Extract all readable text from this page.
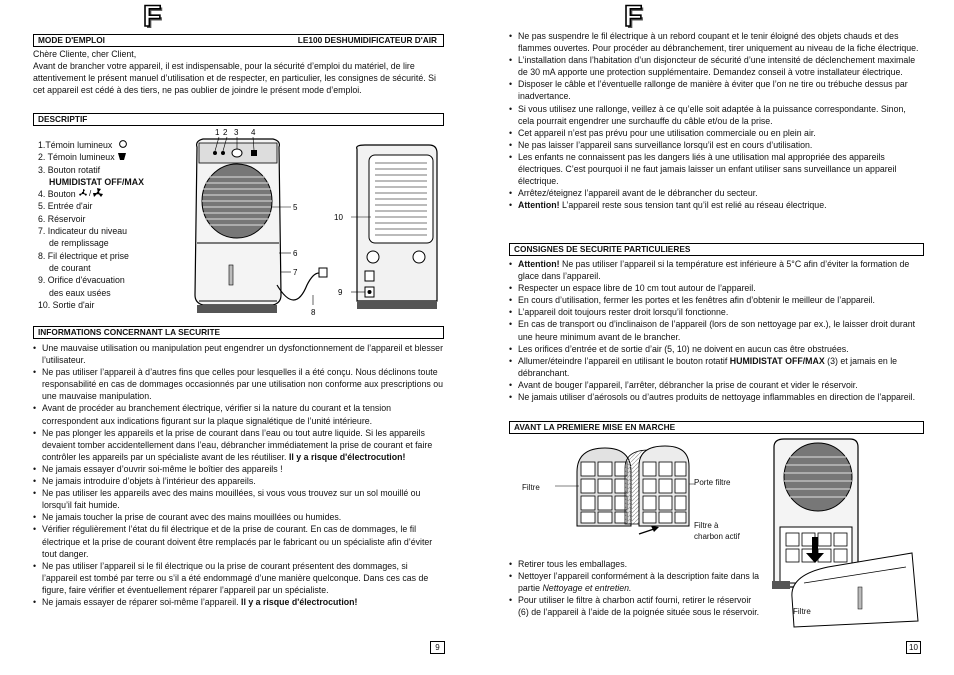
F
MODE D'EMPLOI	LE100 DESHUMIDIFICATEUR D'AIR
Chère Cliente, cher Client,
Avant de brancher votre appareil, il est indispensable, pour la sécurité d’emploi du matériel, de lire attentivement le présent manuel d’utilisation et de respecter, en particulier, les consignes de sécurité. Si cet appareil est cédé à des tiers, ne pas oublier de joindre le présent mode d’emploi.
DESCRIPTIF
1.Témoin lumineux
2. Témoin lumineux
3. Bouton rotatif
HUMIDISTAT OFF/MAX
4. Bouton /
5. Entrée d'air
6. Réservoir
7. Indicateur du niveau
de remplissage
8. Fil électrique et prise
de courant
9. Orifice d'évacuation
des eaux usées
10. Sortie d'air
1 2 3 4
5
6
7
8
9
10
INFORMATIONS CONCERNANT LA SECURITE
• Une mauvaise utilisation ou manipulation peut engendrer un dysfonctionnement de l’appareil et blesser l’utilisateur.
• Ne pas utiliser l’appareil à d’autres fins que celles pour lesquelles il a été conçu. Nous déclinons toute responsabilité en cas de dommages occasionnés par une utilisation non conforme aux prescriptions ou une mauvaise manipulation.
• Avant de procéder au branchement électrique, vérifier si la nature du courant et la tension correspondent aux indications figurant sur la plaque signalétique de l’unité intérieure.
• Ne pas plonger les appareils et la prise de courant dans l’eau ou tout autre liquide. Si les appareils devaient tomber accidentellement dans l’eau, débrancher immédiatement la prise de courant et faire contrôler les appareils par un spécialiste avant de les réutiliser. Il y a risque d'électrocution!
• Ne jamais essayer d’ouvrir soi-même le boîtier des appareils !
• Ne jamais introduire d’objets à l’intérieur des appareils.
• Ne pas utiliser les appareils avec des mains mouillées, si vous vous trouvez sur un sol mouillé ou lorsqu’il fait humide.
• Ne jamais toucher la prise de courant avec des mains mouillées ou humides.
• Vérifier régulièrement l’état du fil électrique et de la prise de courant. En cas de dommages, le fil électrique et la prise de courant doivent être remplacés par le fabricant ou un spécialiste afin d’éviter tout danger.
• Ne pas utiliser l’appareil si le fil électrique ou la prise de courant présentent des dommages, si l’appareil est tombé par terre ou s’il a été endommagé d’une manière quelconque. Dans ces cas de figure, faire vérifier et éventuellement réparer l’appareil par un spécialiste.
• Ne jamais essayer de réparer soi-même l’appareil. Il y a risque d'électrocution!
9
F
• Ne pas suspendre le fil électrique à un rebord coupant et le tenir éloigné des objets chauds et des flammes ouvertes. Pour procéder au débranchement, tirer uniquement au niveau de la fiche électrique.
• L’installation dans l’habitation d’un disjoncteur de sécurité d’une intensité de déclenchement maximale de 30 mA apporte une protection supplémentaire. Demandez conseil à votre installateur électrique.
• Disposer le câble et l’éventuelle rallonge de manière à éviter que l’on ne tire ou trébuche dessus par inadvertance.
• Si vous utilisez une rallonge, veillez à ce qu’elle soit adaptée à la puissance correspondante. Sinon, cela pourrait engendrer une surchauffe du câble et/ou de la prise.
• Cet appareil n’est pas prévu pour une utilisation commerciale ou en plein air.
• Ne pas laisser l’appareil sans surveillance lorsqu’il est en cours d’utilisation.
• Les enfants ne connaissent pas les dangers liés à une utilisation mal appropriée des appareils électriques. C’est pourquoi il ne faut jamais laisser un enfant utiliser sans surveillance un appareil électrique.
• Arrêtez/éteignez l’appareil avant de le débrancher du secteur.
• Attention! L’appareil reste sous tension tant qu’il est relié au réseau électrique.
CONSIGNES DE SECURITE PARTICULIERES
• Attention! Ne pas utiliser l’appareil si la température est inférieure à 5°C afin d’éviter la formation de glace dans l’appareil.
• Respecter un espace libre de 10 cm tout autour de l’appareil.
• En cours d’utilisation, fermer les portes et les fenêtres afin d’obtenir le meilleur de l’appareil.
• L’appareil doit toujours rester droit lorsqu’il fonctionne.
• En cas de transport ou d’inclinaison de l’appareil (lors de son nettoyage par ex.), le laisser droit durant une heure minimum avant de le brancher.
• Les orifices d’entrée et de sortie d’air (5, 10) ne doivent en aucun cas être obstruées.
• Allumer/éteindre l’appareil en utilisant le bouton rotatif HUMIDISTAT OFF/MAX (3) et jamais en le débranchant.
• Avant de bouger l’appareil, l’arrêter, débrancher la prise de courant et vider le réservoir.
• Ne jamais utiliser d’aérosols ou d’autres produits de nettoyage inflammables en direction de l’appareil.
AVANT LA PREMIERE MISE EN MARCHE
Filtre
Porte filtre
Filtre à
charbon actif
Filtre
• Retirer tous les emballages.
• Nettoyer l’appareil conformément à la description faite dans la partie Nettoyage et entretien.
• Pour utiliser le filtre à charbon actif fourni, retirer le réservoir (6) de l’appareil à l’aide de la poignée située sous le réservoir.
10
